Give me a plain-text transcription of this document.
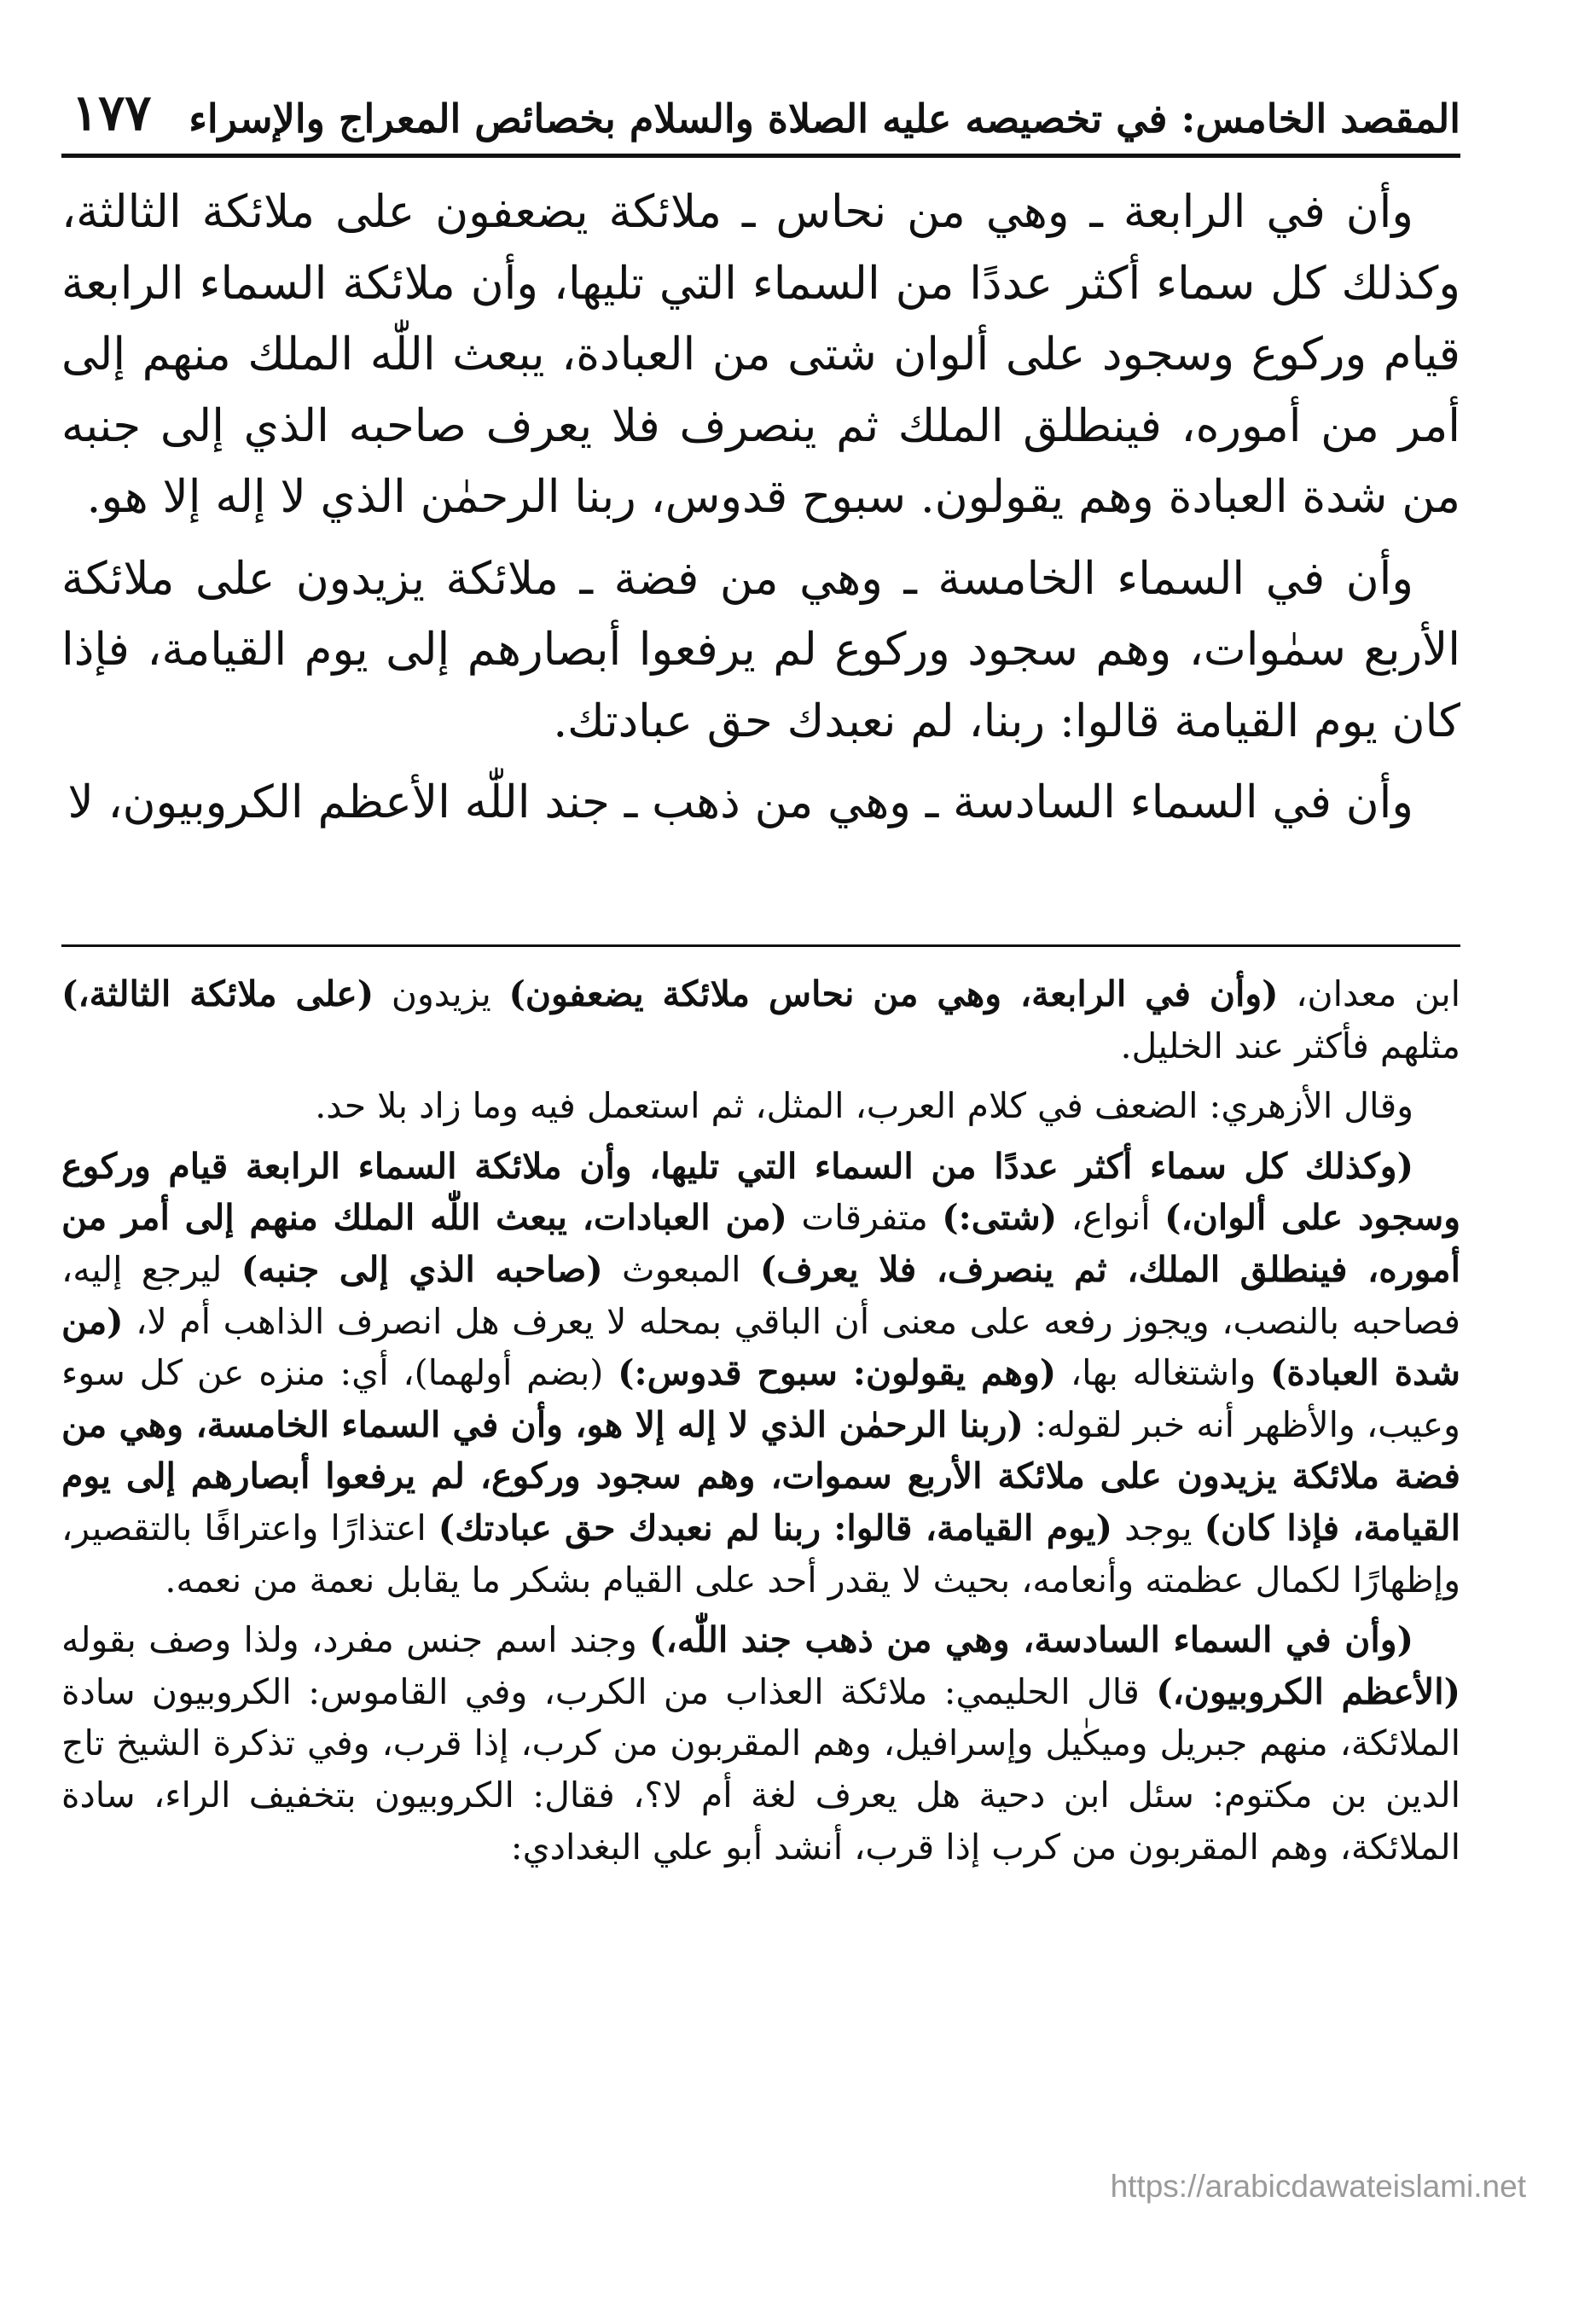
المقصد الخامس: في تخصيصه عليه الصلاة والسلام بخصائص المعراج والإسراء
١٧٧

وأن في الرابعة ـ وهي من نحاس ـ ملائكة يضعفون على ملائكة الثالثة، وكذلك كل سماء أكثر عددًا من السماء التي تليها، وأن ملائكة السماء الرابعة قيام وركوع وسجود على ألوان شتى من العبادة، يبعث اللّٰه الملك منهم إلى أمر من أموره، فينطلق الملك ثم ينصرف فلا يعرف صاحبه الذي إلى جنبه من شدة العبادة وهم يقولون. سبوح قدوس، ربنا الرحمٰن الذي لا إله إلا هو.

وأن في السماء الخامسة ـ وهي من فضة ـ ملائكة يزيدون على ملائكة الأربع سمٰوات، وهم سجود وركوع لم يرفعوا أبصارهم إلى يوم القيامة، فإذا كان يوم القيامة قالوا: ربنا، لم نعبدك حق عبادتك.

وأن في السماء السادسة ـ وهي من ذهب ـ جند اللّٰه الأعظم الكروبيون، لا

ابن معدان، (وأن في الرابعة، وهي من نحاس ملائكة يضعفون) يزيدون (على ملائكة الثالثة،) مثلهم فأكثر عند الخليل.

وقال الأزهري: الضعف في كلام العرب، المثل، ثم استعمل فيه وما زاد بلا حد.

(وكذلك كل سماء أكثر عددًا من السماء التي تليها، وأن ملائكة السماء الرابعة قيام وركوع وسجود على ألوان،) أنواع، (شتى:) متفرقات (من العبادات، يبعث اللّٰه الملك منهم إلى أمر من أموره، فينطلق الملك، ثم ينصرف، فلا يعرف) المبعوث (صاحبه الذي إلى جنبه) ليرجع إليه، فصاحبه بالنصب، ويجوز رفعه على معنى أن الباقي بمحله لا يعرف هل انصرف الذاهب أم لا، (من شدة العبادة) واشتغاله بها، (وهم يقولون: سبوح قدوس:) (بضم أولهما)، أي: منزه عن كل سوء وعيب، والأظهر أنه خبر لقوله: (ربنا الرحمٰن الذي لا إله إلا هو، وأن في السماء الخامسة، وهي من فضة ملائكة يزيدون على ملائكة الأربع سموات، وهم سجود وركوع، لم يرفعوا أبصارهم إلى يوم القيامة، فإذا كان) يوجد (يوم القيامة، قالوا: ربنا لم نعبدك حق عبادتك) اعتذارًا واعترافًا بالتقصير، وإظهارًا لكمال عظمته وأنعامه، بحيث لا يقدر أحد على القيام بشكر ما يقابل نعمة من نعمه.

(وأن في السماء السادسة، وهي من ذهب جند اللّٰه،) وجند اسم جنس مفرد، ولذا وصف بقوله (الأعظم الكروبيون،) قال الحليمي: ملائكة العذاب من الكرب، وفي القاموس: الكروبيون سادة الملائكة، منهم جبريل وميكٰيل وإسرافيل، وهم المقربون من كرب، إذا قرب، وفي تذكرة الشيخ تاج الدين بن مكتوم: سئل ابن دحية هل يعرف لغة أم لا؟، فقال: الكروبيون بتخفيف الراء، سادة الملائكة، وهم المقربون من كرب إذا قرب، أنشد أبو علي البغدادي:

https://arabicdawateislami.net
